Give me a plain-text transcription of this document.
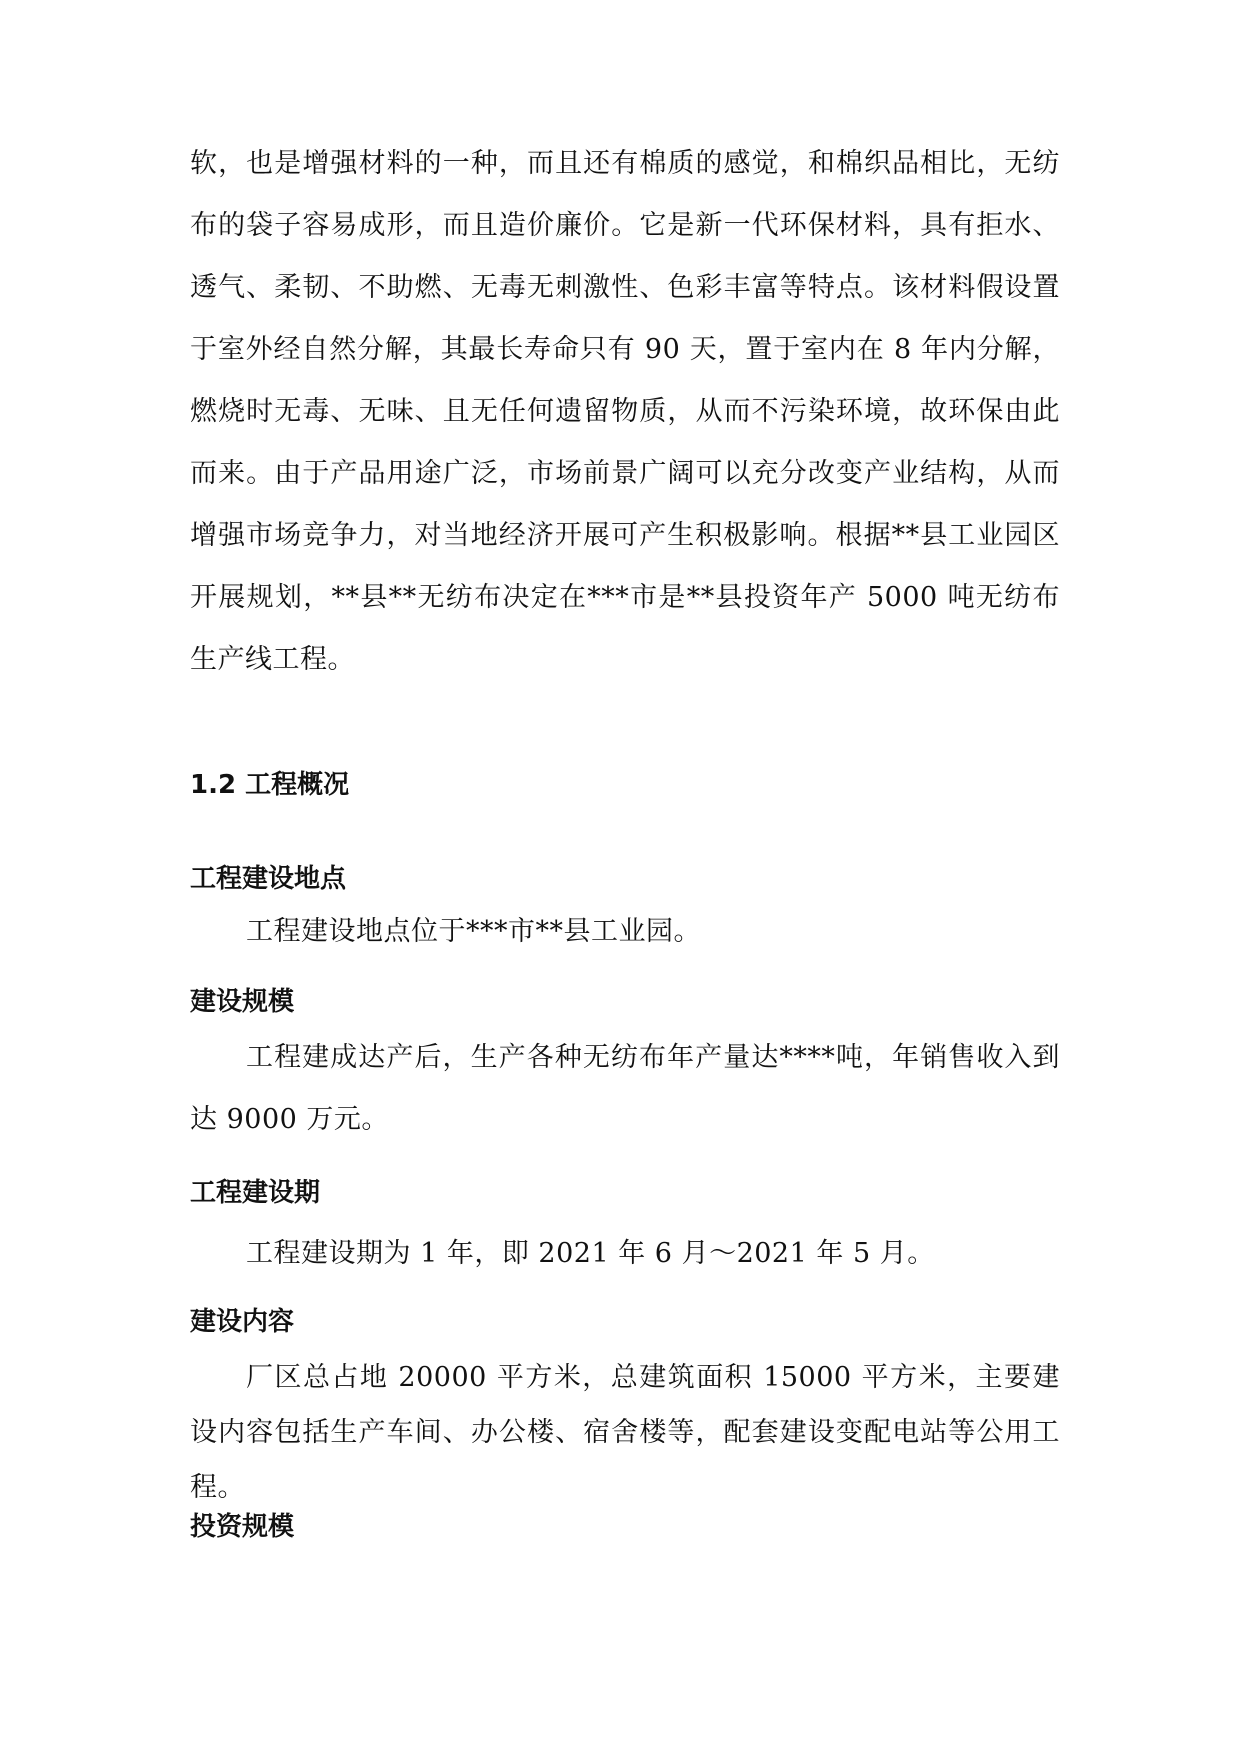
软，也是增强材料的一种，而且还有棉质的感觉，和棉织品相比，无纺布的袋子容易成形，而且造价廉价。它是新一代环保材料，具有拒水、透气、柔韧、不助燃、无毒无刺激性、色彩丰富等特点。该材料假设置于室外经自然分解，其最长寿命只有 90 天，置于室内在 8 年内分解，燃烧时无毒、无味、且无任何遗留物质，从而不污染环境，故环保由此而来。由于产品用途广泛，市场前景广阔可以充分改变产业结构，从而增强市场竞争力，对当地经济开展可产生积极影响。根据**县工业园区开展规划，**县**无纺布决定在***市是**县投资年产 5000 吨无纺布生产线工程。

1.2 工程概况
工程建设地点

工程建设地点位于***市**县工业园。

建设规模

工程建成达产后，生产各种无纺布年产量达****吨，年销售收入到达 9000 万元。

工程建设期

工程建设期为 1 年，即 2021 年 6 月～2021 年 5 月。

建设内容

厂区总占地 20000 平方米，总建筑面积 15000 平方米，主要建设内容包括生产车间、办公楼、宿舍楼等，配套建设变配电站等公用工程。

投资规模
